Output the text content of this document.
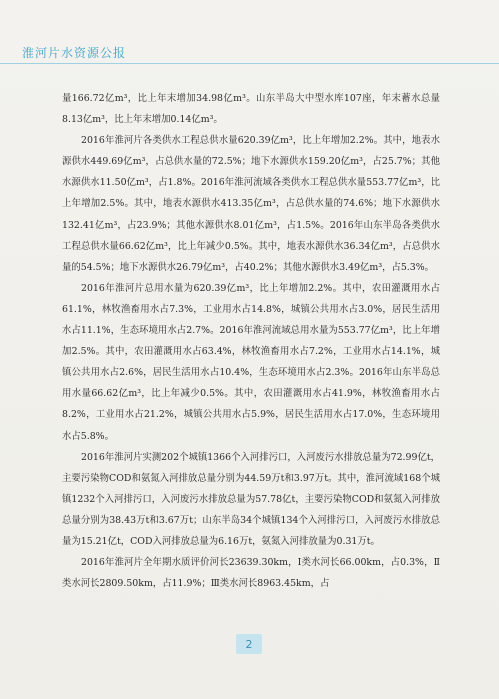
淮河片水资源公报

量166.72亿m³，比上年末增加34.98亿m³。山东半岛大中型水库107座，年末蓄水总量8.13亿m³，比上年末增加0.14亿m³。

2016年淮河片各类供水工程总供水量620.39亿m³，比上年增加2.2%。其中，地表水源供水449.69亿m³，占总供水量的72.5%；地下水源供水159.20亿m³，占25.7%；其他水源供水11.50亿m³，占1.8%。2016年淮河流域各类供水工程总供水量553.77亿m³，比上年增加2.5%。其中，地表水源供水413.35亿m³，占总供水量的74.6%；地下水源供水132.41亿m³，占23.9%；其他水源供水8.01亿m³，占1.5%。2016年山东半岛各类供水工程总供水量66.62亿m³，比上年减少0.5%。其中，地表水源供水36.34亿m³，占总供水量的54.5%；地下水源供水26.79亿m³，占40.2%；其他水源供水3.49亿m³，占5.3%。

2016年淮河片总用水量为620.39亿m³，比上年增加2.2%。其中，农田灌溉用水占61.1%，林牧渔畜用水占7.3%，工业用水占14.8%，城镇公共用水占3.0%，居民生活用水占11.1%，生态环境用水占2.7%。2016年淮河流域总用水量为553.77亿m³，比上年增加2.5%。其中，农田灌溉用水占63.4%，林牧渔畜用水占7.2%，工业用水占14.1%，城镇公共用水占2.6%，居民生活用水占10.4%，生态环境用水占2.3%。2016年山东半岛总用水量66.62亿m³，比上年减少0.5%。其中，农田灌溉用水占41.9%，林牧渔畜用水占8.2%，工业用水占21.2%，城镇公共用水占5.9%，居民生活用水占17.0%，生态环境用水占5.8%。

2016年淮河片实测202个城镇1366个入河排污口，入河废污水排放总量为72.99亿t，主要污染物COD和氨氮入河排放总量分别为44.59万t和3.97万t。其中，淮河流域168个城镇1232个入河排污口，入河废污水排放总量为57.78亿t，主要污染物COD和氨氮入河排放总量分别为38.43万t和3.67万t；山东半岛34个城镇134个入河排污口，入河废污水排放总量为15.21亿t，COD入河排放总量为6.16万t，氨氮入河排放量为0.31万t。

2016年淮河片全年期水质评价河长23639.30km，Ⅰ类水河长66.00km，占0.3%，Ⅱ类水河长2809.50km，占11.9%；Ⅲ类水河长8963.45km，占

2
